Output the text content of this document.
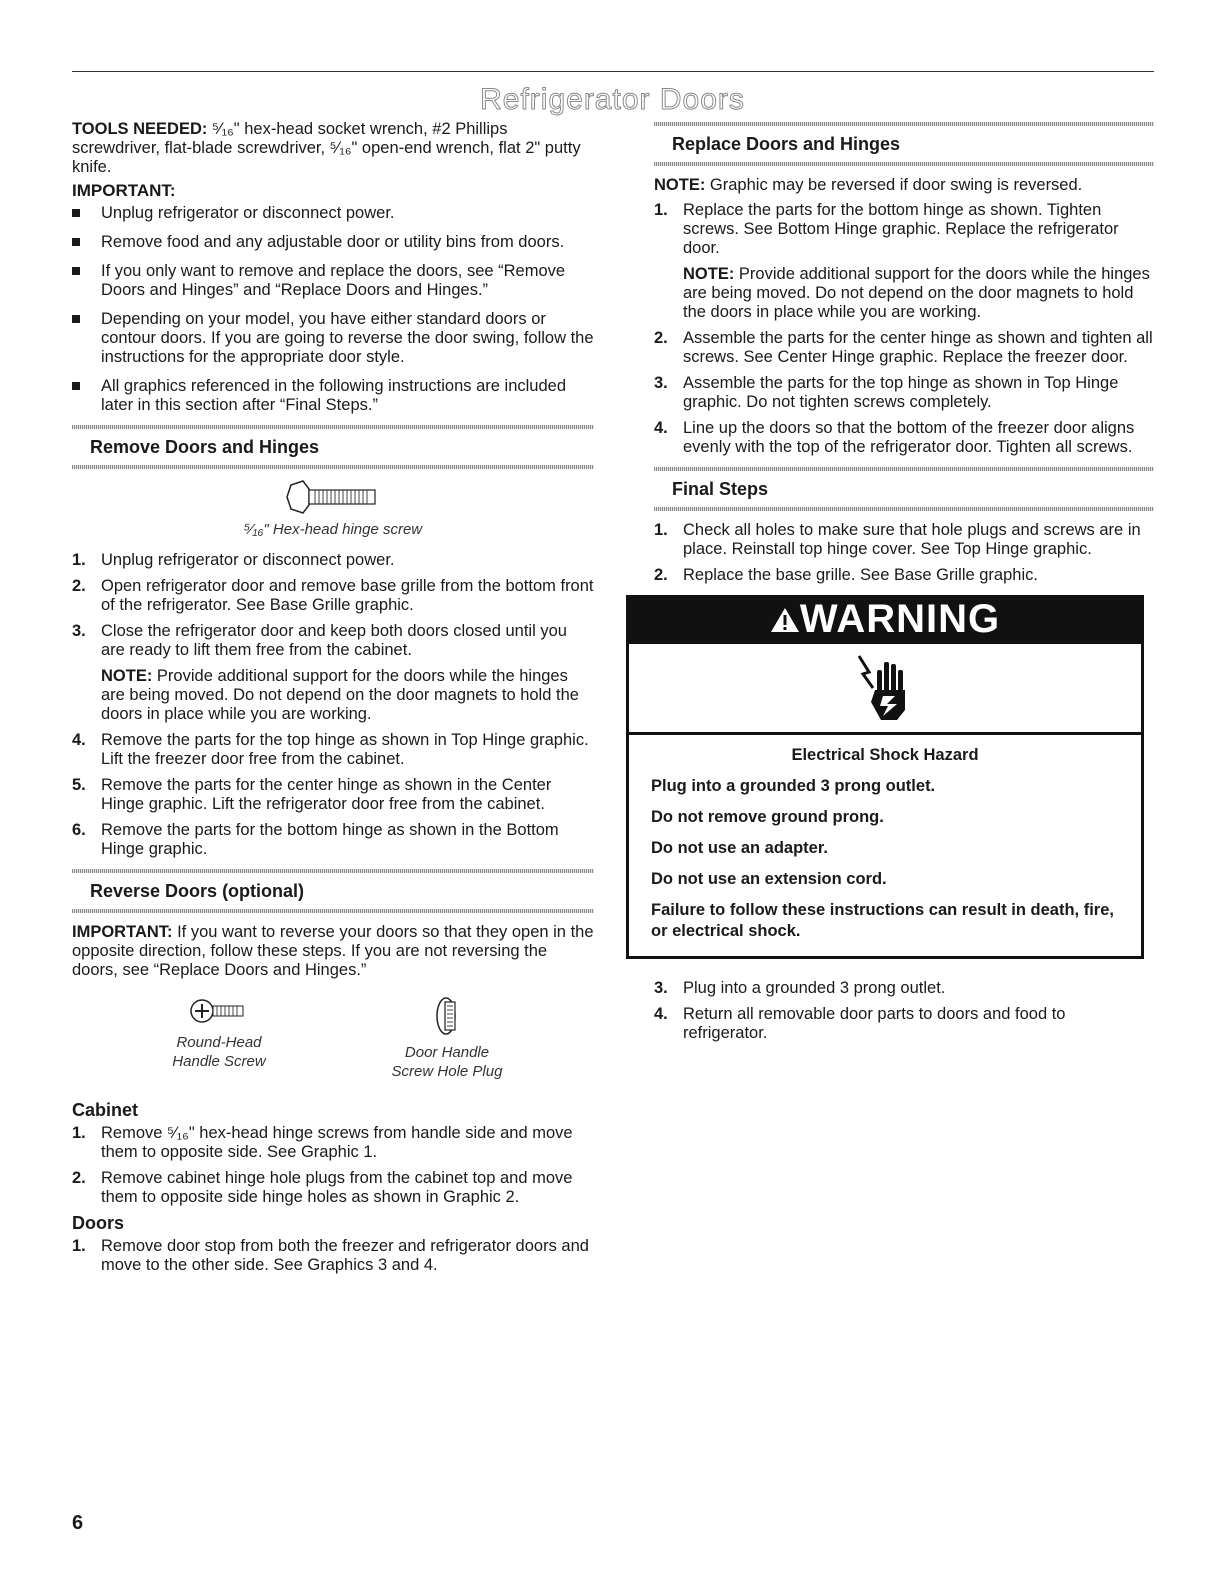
Refrigerator Doors

TOOLS NEEDED: ⁵⁄₁₆" hex-head socket wrench, #2 Phillips screwdriver, flat-blade screwdriver, ⁵⁄₁₆" open-end wrench, flat 2" putty knife.

IMPORTANT:

Unplug refrigerator or disconnect power.
Remove food and any adjustable door or utility bins from doors.
If you only want to remove and replace the doors, see “Remove Doors and Hinges” and “Replace Doors and Hinges.”
Depending on your model, you have either standard doors or contour doors. If you are going to reverse the door swing, follow the instructions for the appropriate door style.
All graphics referenced in the following instructions are included later in this section after “Final Steps.”
Remove Doors and Hinges
⁵⁄₁₆" Hex-head hinge screw
1. Unplug refrigerator or disconnect power.
2. Open refrigerator door and remove base grille from the bottom front of the refrigerator. See Base Grille graphic.
3. Close the refrigerator door and keep both doors closed until you are ready to lift them free from the cabinet.
NOTE: Provide additional support for the doors while the hinges are being moved. Do not depend on the door magnets to hold the doors in place while you are working.
4. Remove the parts for the top hinge as shown in Top Hinge graphic. Lift the freezer door free from the cabinet.
5. Remove the parts for the center hinge as shown in the Center Hinge graphic. Lift the refrigerator door free from the cabinet.
6. Remove the parts for the bottom hinge as shown in the Bottom Hinge graphic.
Reverse Doors (optional)

IMPORTANT: If you want to reverse your doors so that they open in the opposite direction, follow these steps. If you are not reversing the doors, see “Replace Doors and Hinges.”

Round-Head
Handle Screw
Door Handle
Screw Hole Plug

Cabinet

1. Remove ⁵⁄₁₆" hex-head hinge screws from handle side and move them to opposite side. See Graphic 1.
2. Remove cabinet hinge hole plugs from the cabinet top and move them to opposite side hinge holes as shown in Graphic 2.

Doors

1. Remove door stop from both the freezer and refrigerator doors and move to the other side. See Graphics 3 and 4.
Replace Doors and Hinges

NOTE: Graphic may be reversed if door swing is reversed.

1. Replace the parts for the bottom hinge as shown. Tighten screws. See Bottom Hinge graphic. Replace the refrigerator door.
NOTE: Provide additional support for the doors while the hinges are being moved. Do not depend on the door magnets to hold the doors in place while you are working.
2. Assemble the parts for the center hinge as shown and tighten all screws. See Center Hinge graphic. Replace the freezer door.
3. Assemble the parts for the top hinge as shown in Top Hinge graphic. Do not tighten screws completely.
4. Line up the doors so that the bottom of the freezer door aligns evenly with the top of the refrigerator door. Tighten all screws.
Final Steps
1. Check all holes to make sure that hole plugs and screws are in place. Reinstall top hinge cover. See Top Hinge graphic.
2. Replace the base grille. See Base Grille graphic.
WARNING

Electrical Shock Hazard

Plug into a grounded 3 prong outlet.

Do not remove ground prong.

Do not use an adapter.

Do not use an extension cord.

Failure to follow these instructions can result in death, fire, or electrical shock.

3. Plug into a grounded 3 prong outlet.
4. Return all removable door parts to doors and food to refrigerator.
6
